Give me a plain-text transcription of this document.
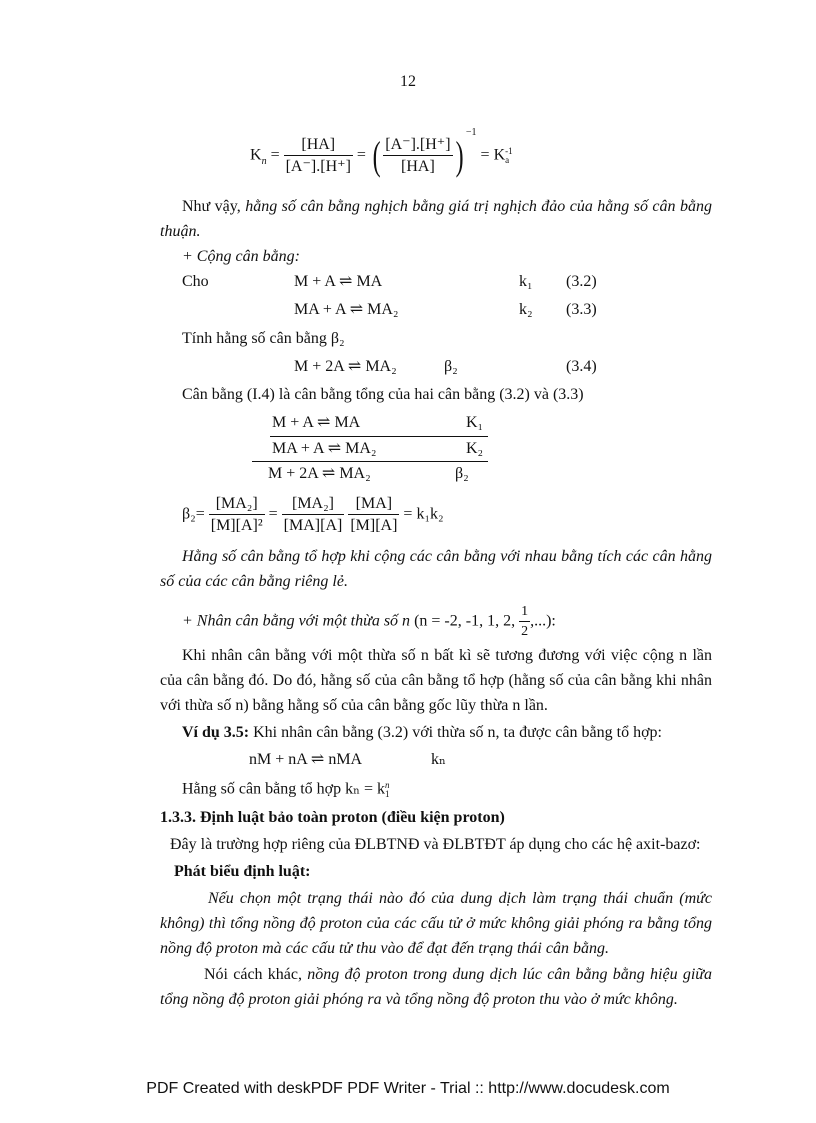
12
$K_n = \frac{[HA]}{[A^-].[H^+]}$ = ( $\frac{[A^-].[H^+]}{[HA]} )^{-1} = K$ -1
a
Như vậy, hằng số cân bằng nghịch bằng giá trị nghịch đảo của hằng số cân bằng thuận.
+ Cộng cân bằng:
Cho	M + A ⇌ MA	k₁ (3.2)
MA + A ⇌ MA₂	k₂ (3.3)
Tính hằng số cân bằng β₂
M + 2A ⇌ MA₂	β₂	(3.4)
Cân bằng (I.4) là cân bằng tổng của hai cân bằng (3.2) và (3.3)
M + A ⇌ MA	K₁
MA + A ⇌ MA₂	K₂
M + 2A ⇌ MA₂	β₂
$\beta_2= \frac{\text{[MA₂]}}{\text{[M][A]²}} = \frac{\text{[MA₂]}}{[MA][A]}$
$\frac{[MA]}{[M][A]} = k_1k_2$
Hằng số cân bằng tổ hợp khi cộng các cân bằng với nhau bằng tích các cân hằng số của các cân bằng riêng lẻ.
+ Nhân cân bằng với một thừa số n (n = -2, -1, 1, 2, $\frac{1}{2}$ ,...):
Khi nhân cân bằng với một thừa số n bất kì sẽ tương đương với việc cộng n lần của cân bằng đó. Do đó, hằng số của cân bằng tổ hợp (hằng số của cân bằng khi nhân với thừa số n) bằng hằng số của cân bằng gốc lũy thừa n lần.
Ví dụ 3.5: Khi nhân cân bằng (3.2) với thừa số n, ta được cân bằng tổ hợp:
nM + nA ⇌ nMA	kₙ
Hằng số cân bằng tổ hợp kₙ = k n
1
1.3.3. Định luật bảo toàn proton (điều kiện proton)
Đây là trường hợp riêng của ĐLBTNĐ và ĐLBTĐT áp dụng cho các hệ axit-bazơ:
Phát biểu định luật:
Nếu chọn một trạng thái nào đó của dung dịch làm trạng thái chuẩn (mức không) thì tổng nồng độ proton của các cấu tử ở mức không giải phóng ra bằng tổng nồng độ proton mà các cấu tử thu vào để đạt đến trạng thái cân bằng.
Nói cách khác, nồng độ proton trong dung dịch lúc cân bằng bằng hiệu giữa tổng nồng độ proton giải phóng ra và tổng nồng độ proton thu vào ở mức không.
PDF Created with deskPDF PDF Writer - Trial :: http://www.docudesk.com
